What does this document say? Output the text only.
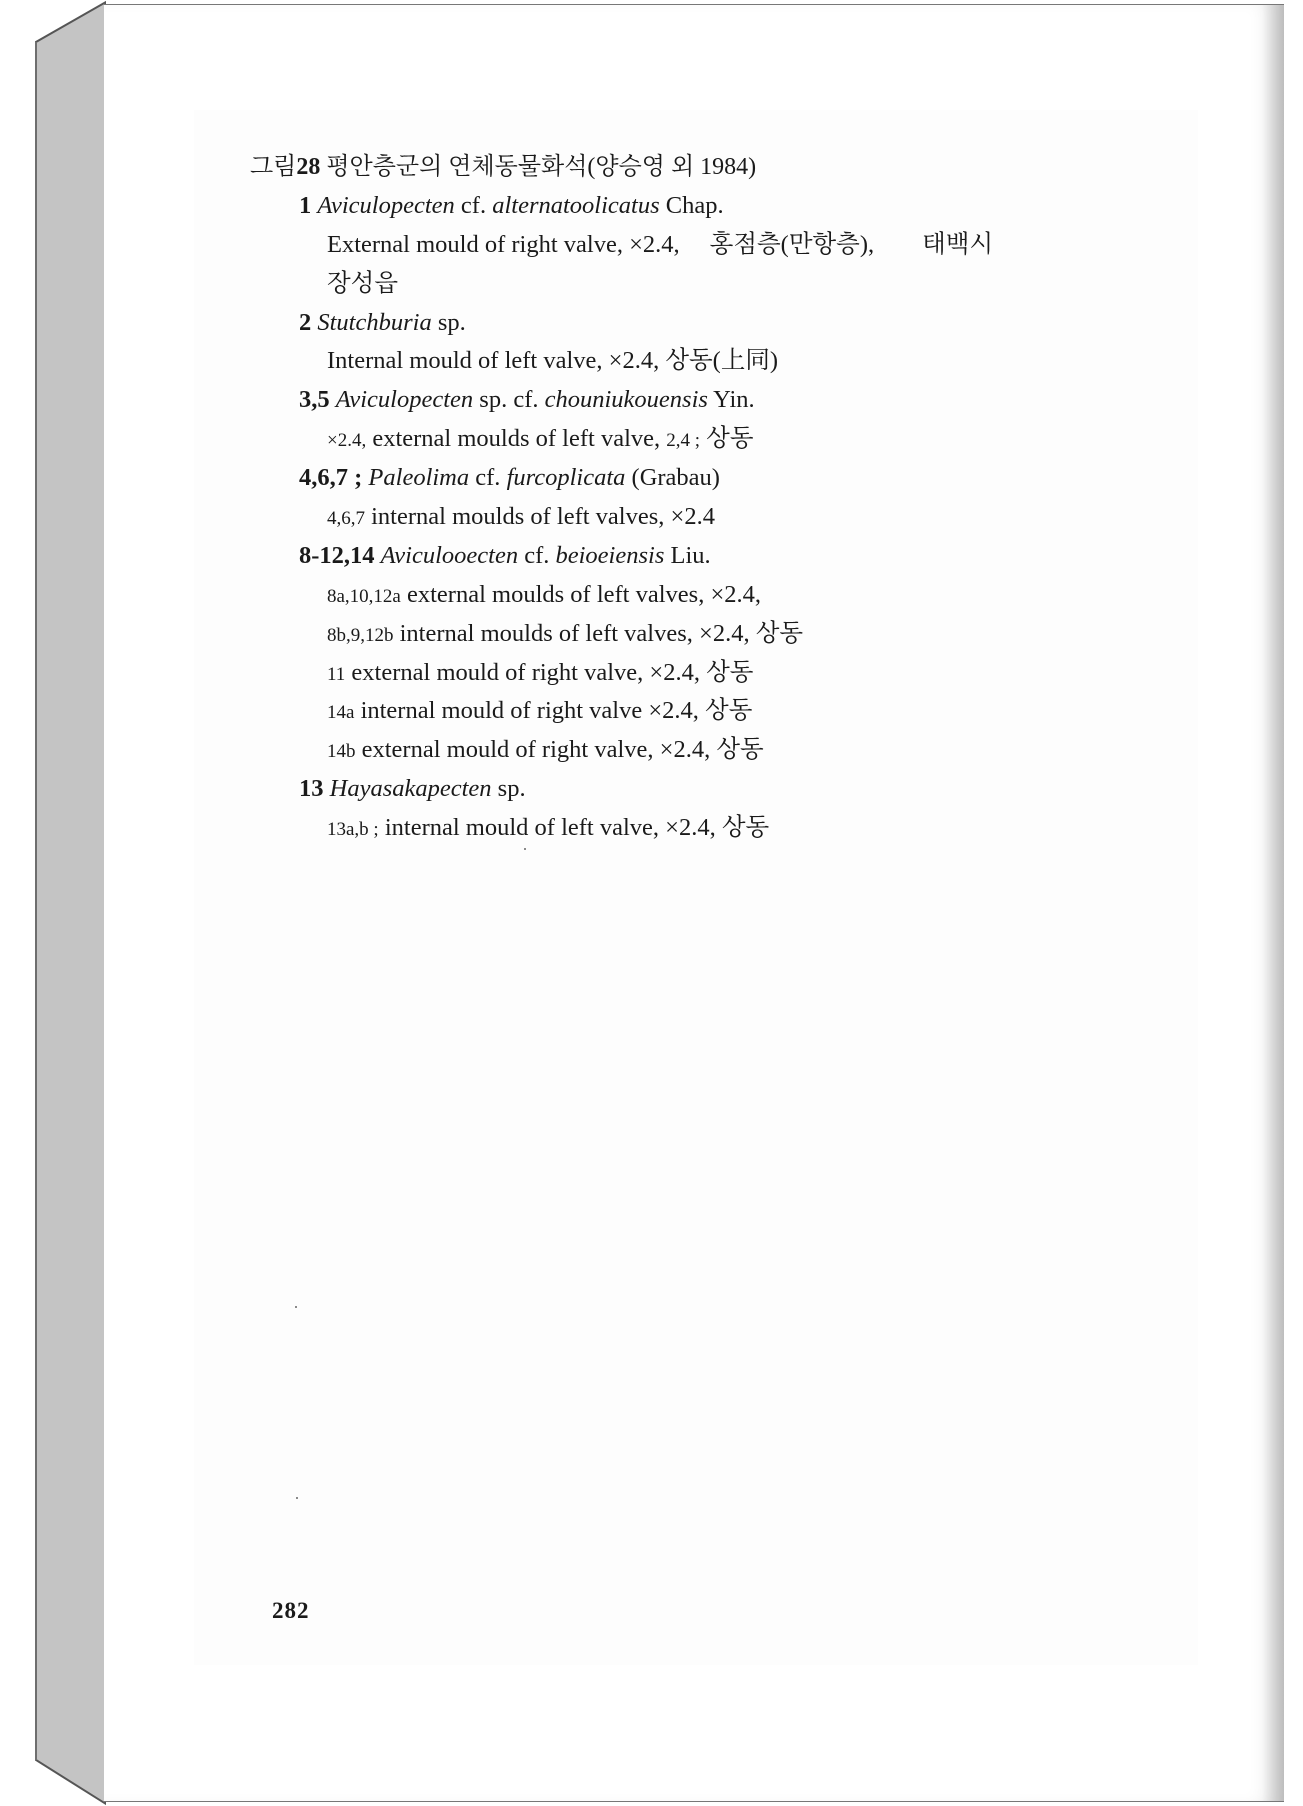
그림28 평안층군의 연체동물화석(양승영 외 1984)
1 Aviculopecten cf. alternatoolicatus Chap.
External mould of right valve, ×2.4, 홍점층(만항층), 태백시
장성읍
2 Stutchburia sp.
Internal mould of left valve, ×2.4, 상동(上同)
3,5 Aviculopecten sp. cf. chouniukouensis Yin.
×2.4, external moulds of left valve, 2,4 ; 상동
4,6,7 ; Paleolima cf. furcoplicata (Grabau)
4,6,7 internal moulds of left valves, ×2.4
8-12,14 Aviculooecten cf. beioeiensis Liu.
8a,10,12a external moulds of left valves, ×2.4,
8b,9,12b internal moulds of left valves, ×2.4, 상동
11 external mould of right valve, ×2.4, 상동
14a internal mould of right valve ×2.4, 상동
14b external mould of right valve, ×2.4, 상동
13 Hayasakapecten sp.
13a,b ; internal mould of left valve, ×2.4, 상동
282
